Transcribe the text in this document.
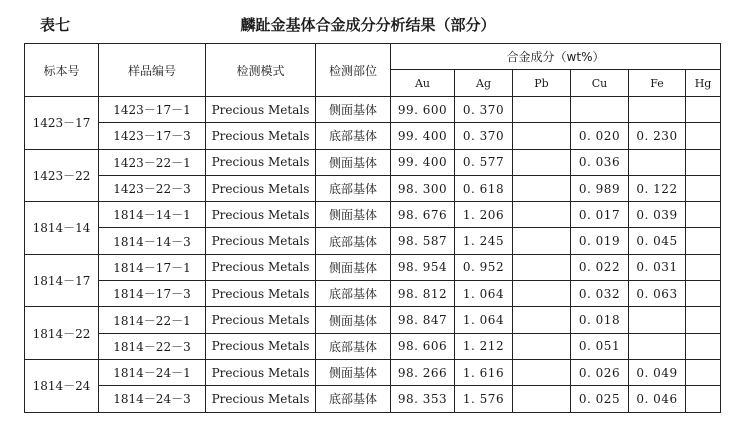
表七	麟趾金基体合金成分分析结果（部分）
标本号	样品编号	检测模式	检测部位	合金成分（wt%）					
				Au	Ag	Pb	Cu	Fe	Hg
1423－17	1423－17－1	Precious Metals	侧面基体	99. 600	0. 370				
	1423－17－3	Precious Metals	底部基体	99. 400	0. 370		0. 020	0. 230	
1423－22	1423－22－1	Precious Metals	侧面基体	99. 400	0. 577		0. 036		
	1423－22－3	Precious Metals	底部基体	98. 300	0. 618		0. 989	0. 122	
1814－14	1814－14－1	Precious Metals	侧面基体	98. 676	1. 206		0. 017	0. 039	
	1814－14－3	Precious Metals	底部基体	98. 587	1. 245		0. 019	0. 045	
1814－17	1814－17－1	Precious Metals	侧面基体	98. 954	0. 952		0. 022	0. 031	
	1814－17－3	Precious Metals	底部基体	98. 812	1. 064		0. 032	0. 063	
1814－22	1814－22－1	Precious Metals	侧面基体	98. 847	1. 064		0. 018		
	1814－22－3	Precious Metals	底部基体	98. 606	1. 212		0. 051		
1814－24	1814－24－1	Precious Metals	侧面基体	98. 266	1. 616		0. 026	0. 049	
	1814－24－3	Precious Metals	底部基体	98. 353	1. 576		0. 025	0. 046	
